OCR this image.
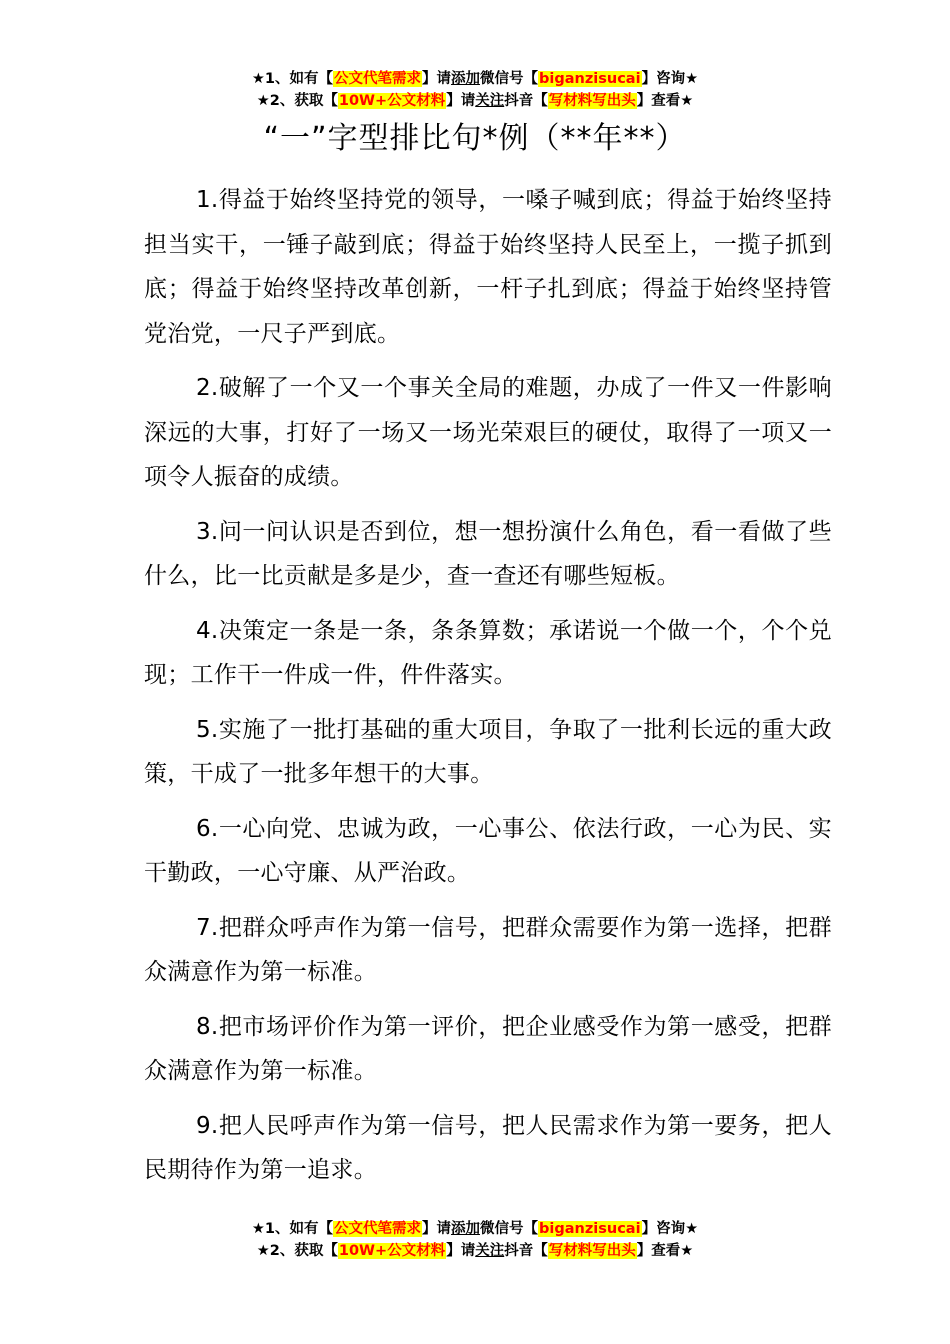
★1、如有【公文代笔需求】请添加微信号【biganzisucai】咨询★
★2、获取【10W+公文材料】请关注抖音【写材料写出头】查看★
“一”字型排比句*例（**年**）

1.得益于始终坚持党的领导，一嗓子喊到底；得益于始终坚持担当实干，一锤子敲到底；得益于始终坚持人民至上，一揽子抓到底；得益于始终坚持改革创新，一杆子扎到底；得益于始终坚持管党治党，一尺子严到底。

2.破解了一个又一个事关全局的难题，办成了一件又一件影响深远的大事，打好了一场又一场光荣艰巨的硬仗，取得了一项又一项令人振奋的成绩。

3.问一问认识是否到位，想一想扮演什么角色，看一看做了些什么，比一比贡献是多是少，查一查还有哪些短板。

4.决策定一条是一条，条条算数；承诺说一个做一个，个个兑现；工作干一件成一件，件件落实。

5.实施了一批打基础的重大项目，争取了一批利长远的重大政策，干成了一批多年想干的大事。

6.一心向党、忠诚为政，一心事公、依法行政，一心为民、实干勤政，一心守廉、从严治政。

7.把群众呼声作为第一信号，把群众需要作为第一选择，把群众满意作为第一标准。

8.把市场评价作为第一评价，把企业感受作为第一感受，把群众满意作为第一标准。

9.把人民呼声作为第一信号，把人民需求作为第一要务，把人民期待作为第一追求。

★1、如有【公文代笔需求】请添加微信号【biganzisucai】咨询★
★2、获取【10W+公文材料】请关注抖音【写材料写出头】查看★
